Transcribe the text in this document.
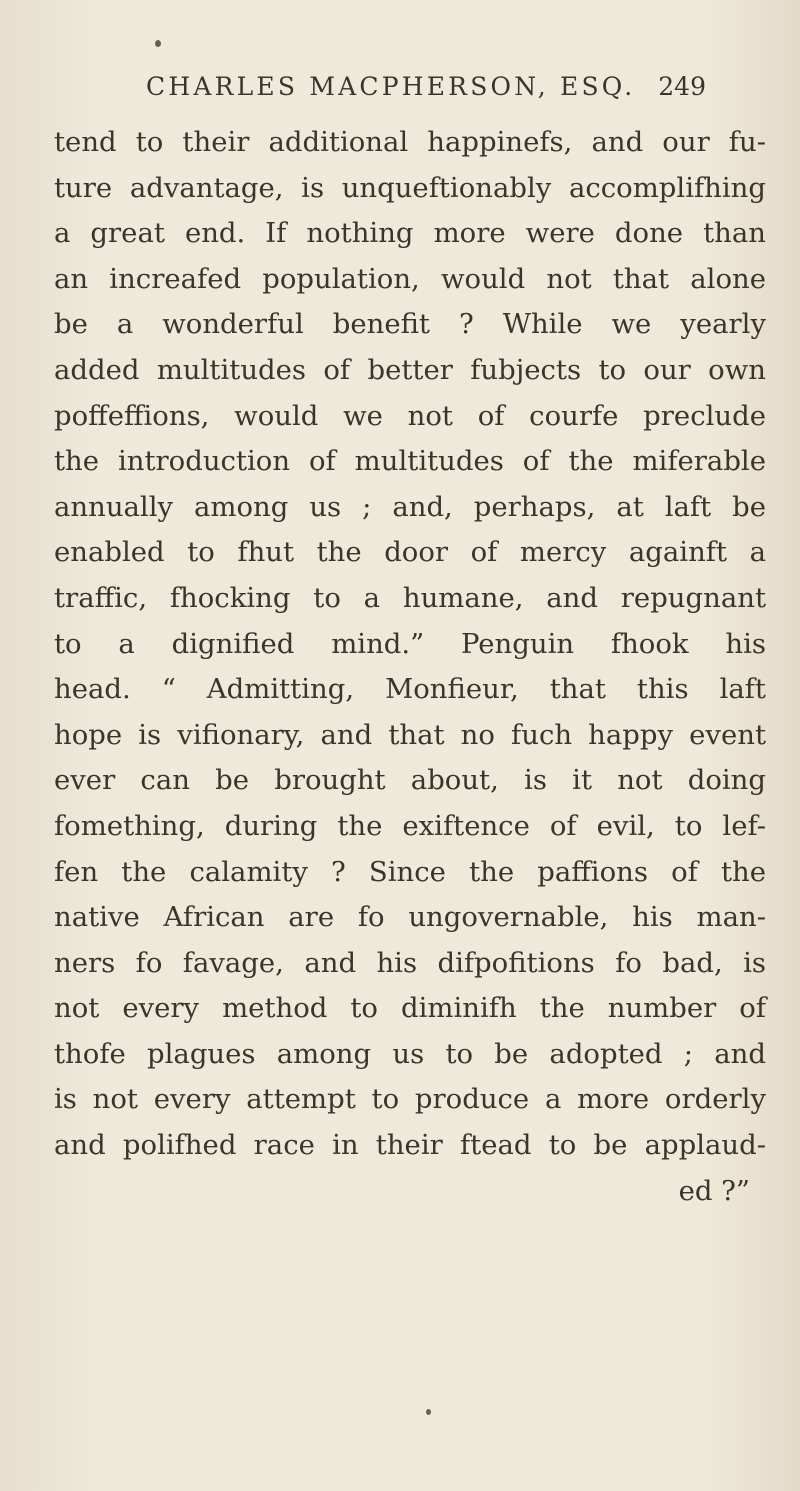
CHARLES MACPHERSON, ESQ. 249
tend to their additional happinefs, and our fu-
ture advantage, is unqueftionably accomplifhing
a great end. If nothing more were done than
an increafed population, would not that alone
be a wonderful benefit ? While we yearly
added multitudes of better fubjects to our own
poffeffions, would we not of courfe preclude
the introduction of multitudes of the miferable
annually among us ; and, perhaps, at laft be
enabled to fhut the door of mercy againft a
traffic, fhocking to a humane, and repugnant
to a dignified mind.” Penguin fhook his
head. “ Admitting, Monfieur, that this laft
hope is vifionary, and that no fuch happy event
ever can be brought about, is it not doing
fomething, during the exiftence of evil, to lef-
fen the calamity ? Since the paffions of the
native African are fo ungovernable, his man-
ners fo favage, and his difpofitions fo bad, is
not every method to diminifh the number of
thofe plagues among us to be adopted ; and
is not every attempt to produce a more orderly
and polifhed race in their ftead to be applaud-
ed ?”
